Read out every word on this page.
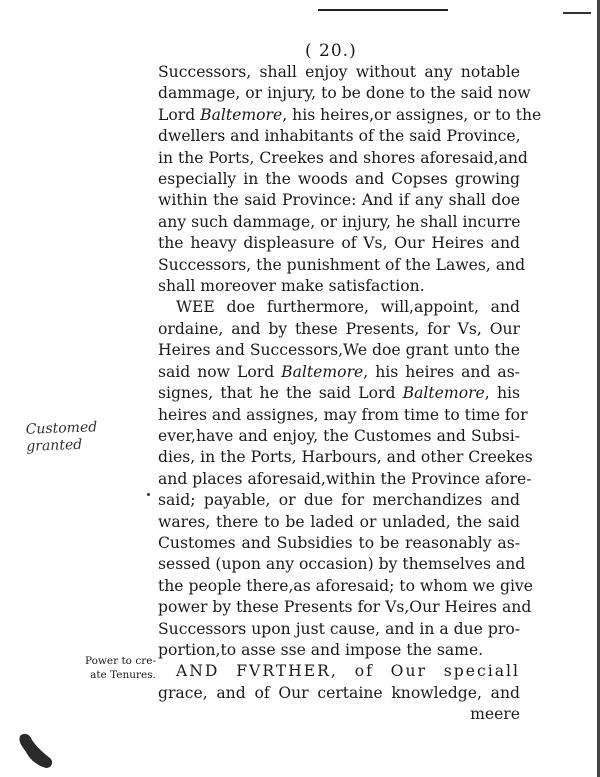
( 20.)
Successors, shall enjoy without any notable
dammage, or injury, to be done to the said now
Lord Baltemore, his heires,or assignes, or to the
dwellers and inhabitants of the said Province,
in the Ports, Creekes and shores aforesaid,and
especially in the woods and Copses growing
within the said Province: And if any shall doe
any such dammage, or injury, he shall incurre
the heavy displeasure of Vs, Our Heires and
Successors, the punishment of the Lawes, and
shall moreover make satisfaction.
WEE doe furthermore, will,appoint, and
ordaine, and by these Presents, for Vs, Our
Heires and Successors,We doe grant unto the
said now Lord Baltemore, his heires and as-
signes, that he the said Lord Baltemore, his
heires and assignes, may from time to time for
ever,have and enjoy, the Customes and Subsi-
dies, in the Ports, Harbours, and other Creekes
and places aforesaid,within the Province afore-
said; payable, or due for merchandizes and
wares, there to be laded or unladed, the said
Customes and Subsidies to be reasonably as-
sessed (upon any occasion) by themselves and
the people there,as aforesaid; to whom we give
power by these Presents for Vs,Our Heires and
Successors upon just cause, and in a due pro-
portion,to asse sse and impose the same.
AND FVRTHER, of Our speciall
grace, and of Our certaine knowledge, and
meere
Customed
granted
Power to cre-
ate Tenures.
